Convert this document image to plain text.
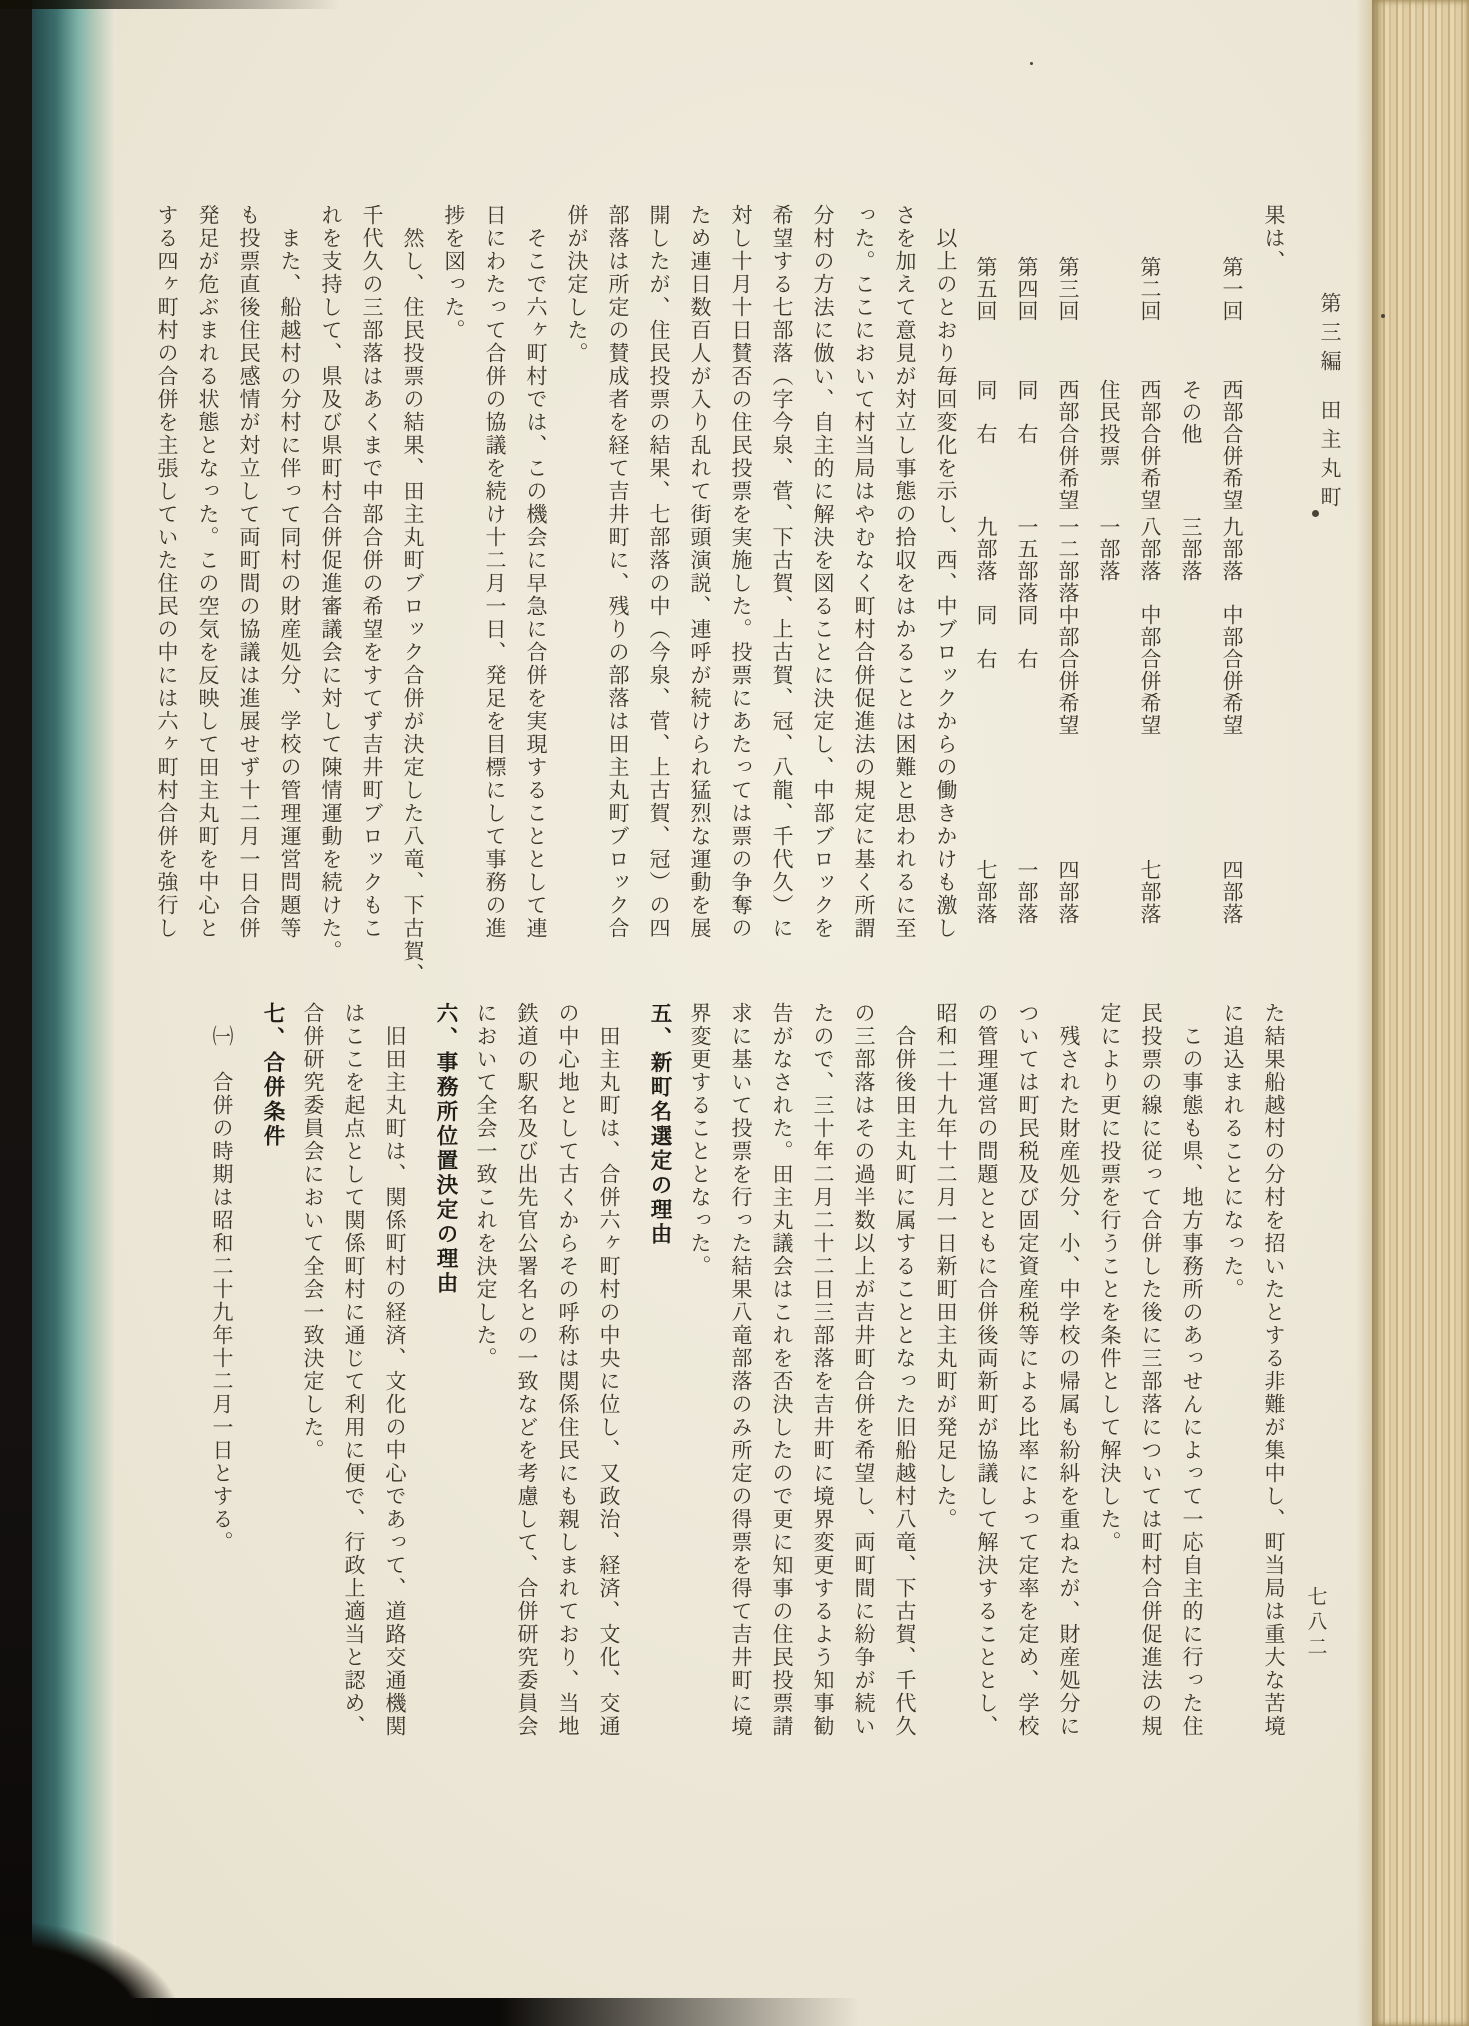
第三編田主丸町
七八二
果は、
第一回
西部合併希望
九部落
中部合併希望
四部落
その他
三部落
第二回
西部合併希望
八部落
中部合併希望
七部落
住民投票
一部落
第三回
西部合併希望
一二部落
中部合併希望
四部落
第四回
同　右
一五部落
同　右
一部落
第五回
同　右
九部落
同　右
七部落
以上のとおり毎回変化を示し、西、中ブロックからの働きかけも激し
さを加えて意見が対立し事態の拾収をはかることは困難と思われるに至
った。ここにおいて村当局はやむなく町村合併促進法の規定に基く所謂
分村の方法に倣い、自主的に解決を図ることに決定し、中部ブロックを
希望する七部落（字今泉、菅、下古賀、上古賀、冠、八龍、千代久）に
対し十月十日賛否の住民投票を実施した。投票にあたっては票の争奪の
ため連日数百人が入り乱れて街頭演説、連呼が続けられ猛烈な運動を展
開したが、住民投票の結果、七部落の中（今泉、菅、上古賀、冠）の四
部落は所定の賛成者を経て吉井町に、残りの部落は田主丸町ブロック合
併が決定した。
そこで六ヶ町村では、この機会に早急に合併を実現することとして連
日にわたって合併の協議を続け十二月一日、発足を目標にして事務の進
捗を図った。
然し、住民投票の結果、田主丸町ブロック合併が決定した八竜、下古賀、
千代久の三部落はあくまで中部合併の希望をすてず吉井町ブロックもこ
れを支持して、県及び県町村合併促進審議会に対して陳情運動を続けた。
また、船越村の分村に伴って同村の財産処分、学校の管理運営問題等
も投票直後住民感情が対立して両町間の協議は進展せず十二月一日合併
発足が危ぶまれる状態となった。この空気を反映して田主丸町を中心と
する四ヶ町村の合併を主張していた住民の中には六ヶ町村合併を強行し
た結果船越村の分村を招いたとする非難が集中し、町当局は重大な苦境
に追込まれることになった。
この事態も県、地方事務所のあっせんによって一応自主的に行った住
民投票の線に従って合併した後に三部落については町村合併促進法の規
定により更に投票を行うことを条件として解決した。
残された財産処分、小、中学校の帰属も紛糾を重ねたが、財産処分に
ついては町民税及び固定資産税等による比率によって定率を定め、学校
の管理運営の問題とともに合併後両新町が協議して解決することとし、
昭和二十九年十二月一日新町田主丸町が発足した。
合併後田主丸町に属することとなった旧船越村八竜、下古賀、千代久
の三部落はその過半数以上が吉井町合併を希望し、両町間に紛争が続い
たので、三十年二月二十二日三部落を吉井町に境界変更するよう知事勧
告がなされた。田主丸議会はこれを否決したので更に知事の住民投票請
求に基いて投票を行った結果八竜部落のみ所定の得票を得て吉井町に境
界変更することとなった。
五、新町名選定の理由
田主丸町は、合併六ヶ町村の中央に位し、又政治、経済、文化、交通
の中心地として古くからその呼称は関係住民にも親しまれており、当地
鉄道の駅名及び出先官公署名との一致などを考慮して、合併研究委員会
において全会一致これを決定した。
六、事務所位置決定の理由
旧田主丸町は、関係町村の経済、文化の中心であって、道路交通機関
はここを起点として関係町村に通じて利用に便で、行政上適当と認め、
合併研究委員会において全会一致決定した。
七、合併条件
㈠　合併の時期は昭和二十九年十二月一日とする。
